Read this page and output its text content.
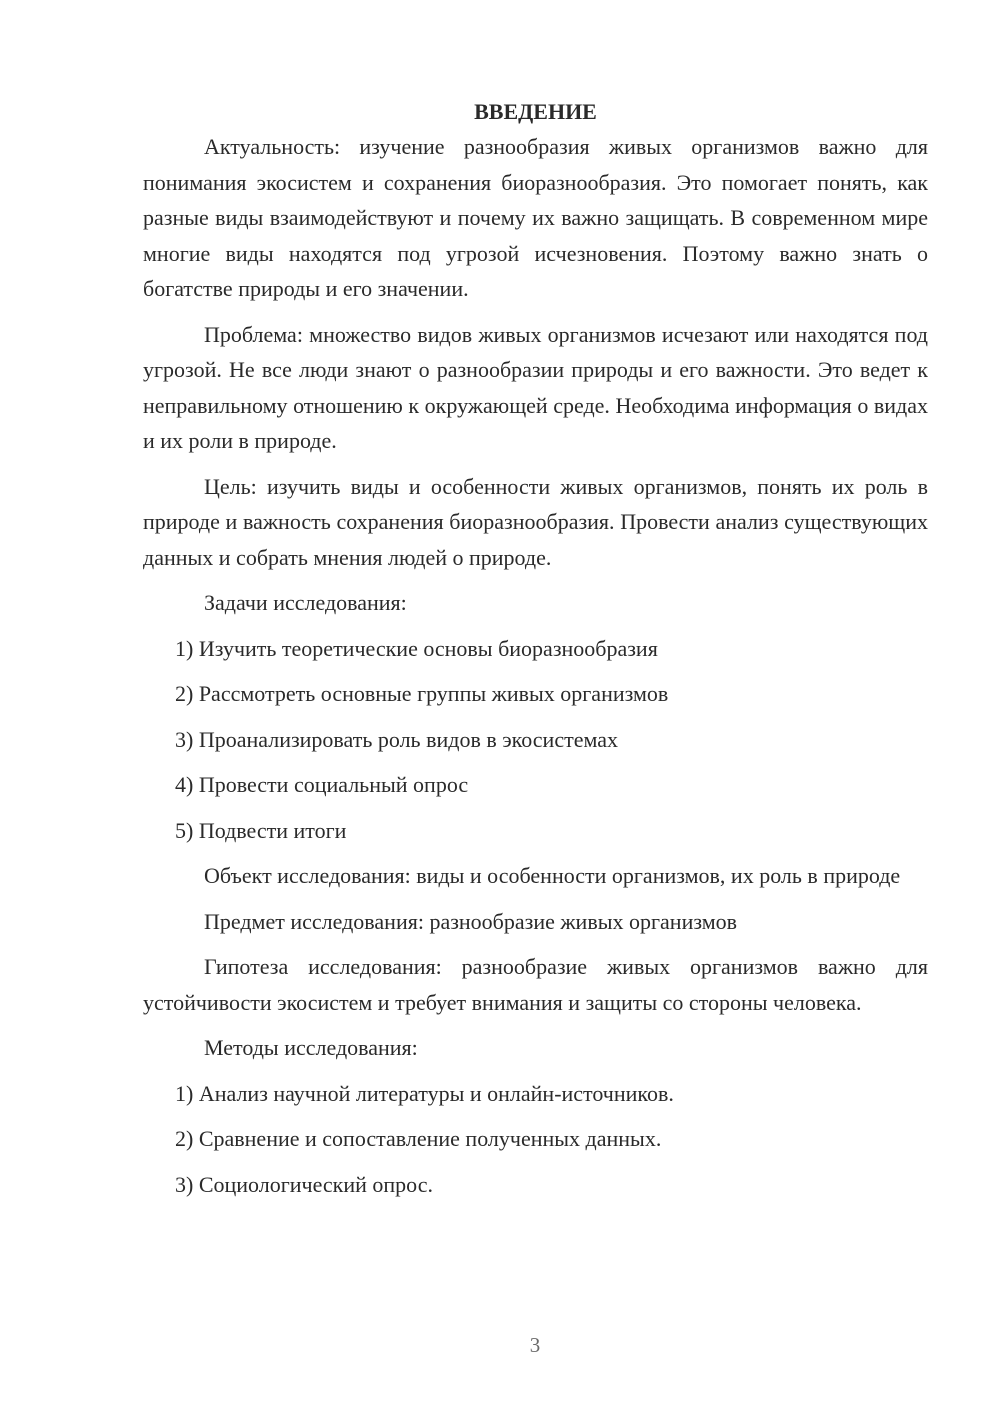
ВВЕДЕНИЕ

Актуальность: изучение разнообразия живых организмов важно для понимания экосистем и сохранения биоразнообразия. Это помогает понять, как разные виды взаимодействуют и почему их важно защищать. В современном мире многие виды находятся под угрозой исчезновения. Поэтому важно знать о богатстве природы и его значении.

Проблема: множество видов живых организмов исчезают или находятся под угрозой. Не все люди знают о разнообразии природы и его важности. Это ведет к неправильному отношению к окружающей среде. Необходима информация о видах и их роли в природе.

Цель: изучить виды и особенности живых организмов, понять их роль в природе и важность сохранения биоразнообразия. Провести анализ существующих данных и собрать мнения людей о природе.

Задачи исследования:

1) Изучить теоретические основы биоразнообразия
2) Рассмотреть основные группы живых организмов
3) Проанализировать роль видов в экосистемах
4) Провести социальный опрос
5) Подвести итоги

Объект исследования: виды и особенности организмов, их роль в природе

Предмет исследования: разнообразие живых организмов

Гипотеза исследования: разнообразие живых организмов важно для устойчивости экосистем и требует внимания и защиты со стороны человека.

Методы исследования:

1) Анализ научной литературы и онлайн-источников.
2) Сравнение и сопоставление полученных данных.
3) Социологический опрос.
3
